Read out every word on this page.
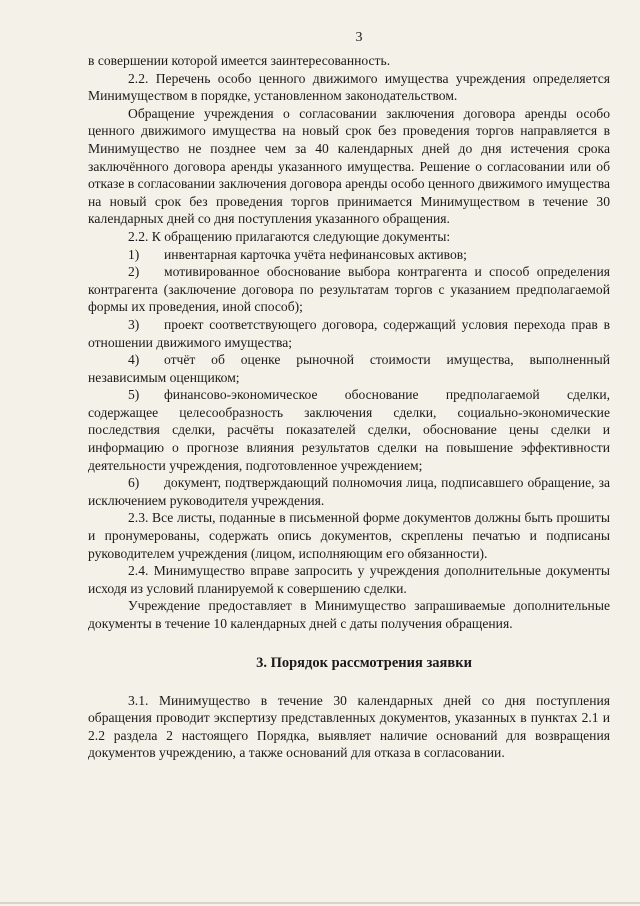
3

в совершении которой имеется заинтересованность.

2.2. Перечень особо ценного движимого имущества учреждения определяется Минимуществом в порядке, установленном законодательством.

Обращение учреждения о согласовании заключения договора аренды особо ценного движимого имущества на новый срок без проведения торгов направляется в Минимущество не позднее чем за 40 календарных дней до дня истечения срока заключённого договора аренды указанного имущества. Решение о согласовании или об отказе в согласовании заключения договора аренды особо ценного движимого имущества на новый срок без проведения торгов принимается Минимуществом в течение 30 календарных дней со дня поступления указанного обращения.

2.2. К обращению прилагаются следующие документы:

1) инвентарная карточка учёта нефинансовых активов;

2) мотивированное обоснование выбора контрагента и способ определения контрагента (заключение договора по результатам торгов с указанием предполагаемой формы их проведения, иной способ);

3) проект соответствующего договора, содержащий условия перехода прав в отношении движимого имущества;

4) отчёт об оценке рыночной стоимости имущества, выполненный независимым оценщиком;

5) финансово-экономическое обоснование предполагаемой сделки, содержащее целесообразность заключения сделки, социально-экономические последствия сделки, расчёты показателей сделки, обоснование цены сделки и информацию о прогнозе влияния результатов сделки на повышение эффективности деятельности учреждения, подготовленное учреждением;

6) документ, подтверждающий полномочия лица, подписавшего обращение, за исключением руководителя учреждения.

2.3. Все листы, поданные в письменной форме документов должны быть прошиты и пронумерованы, содержать опись документов, скреплены печатью и подписаны руководителем учреждения (лицом, исполняющим его обязанности).

2.4. Минимущество вправе запросить у учреждения дополнительные документы исходя из условий планируемой к совершению сделки.

Учреждение предоставляет в Минимущество запрашиваемые дополнительные документы в течение 10 календарных дней с даты получения обращения.

3. Порядок рассмотрения заявки

3.1. Минимущество в течение 30 календарных дней со дня поступления обращения проводит экспертизу представленных документов, указанных в пунктах 2.1 и 2.2 раздела 2 настоящего Порядка, выявляет наличие оснований для возвращения документов учреждению, а также оснований для отказа в согласовании.
